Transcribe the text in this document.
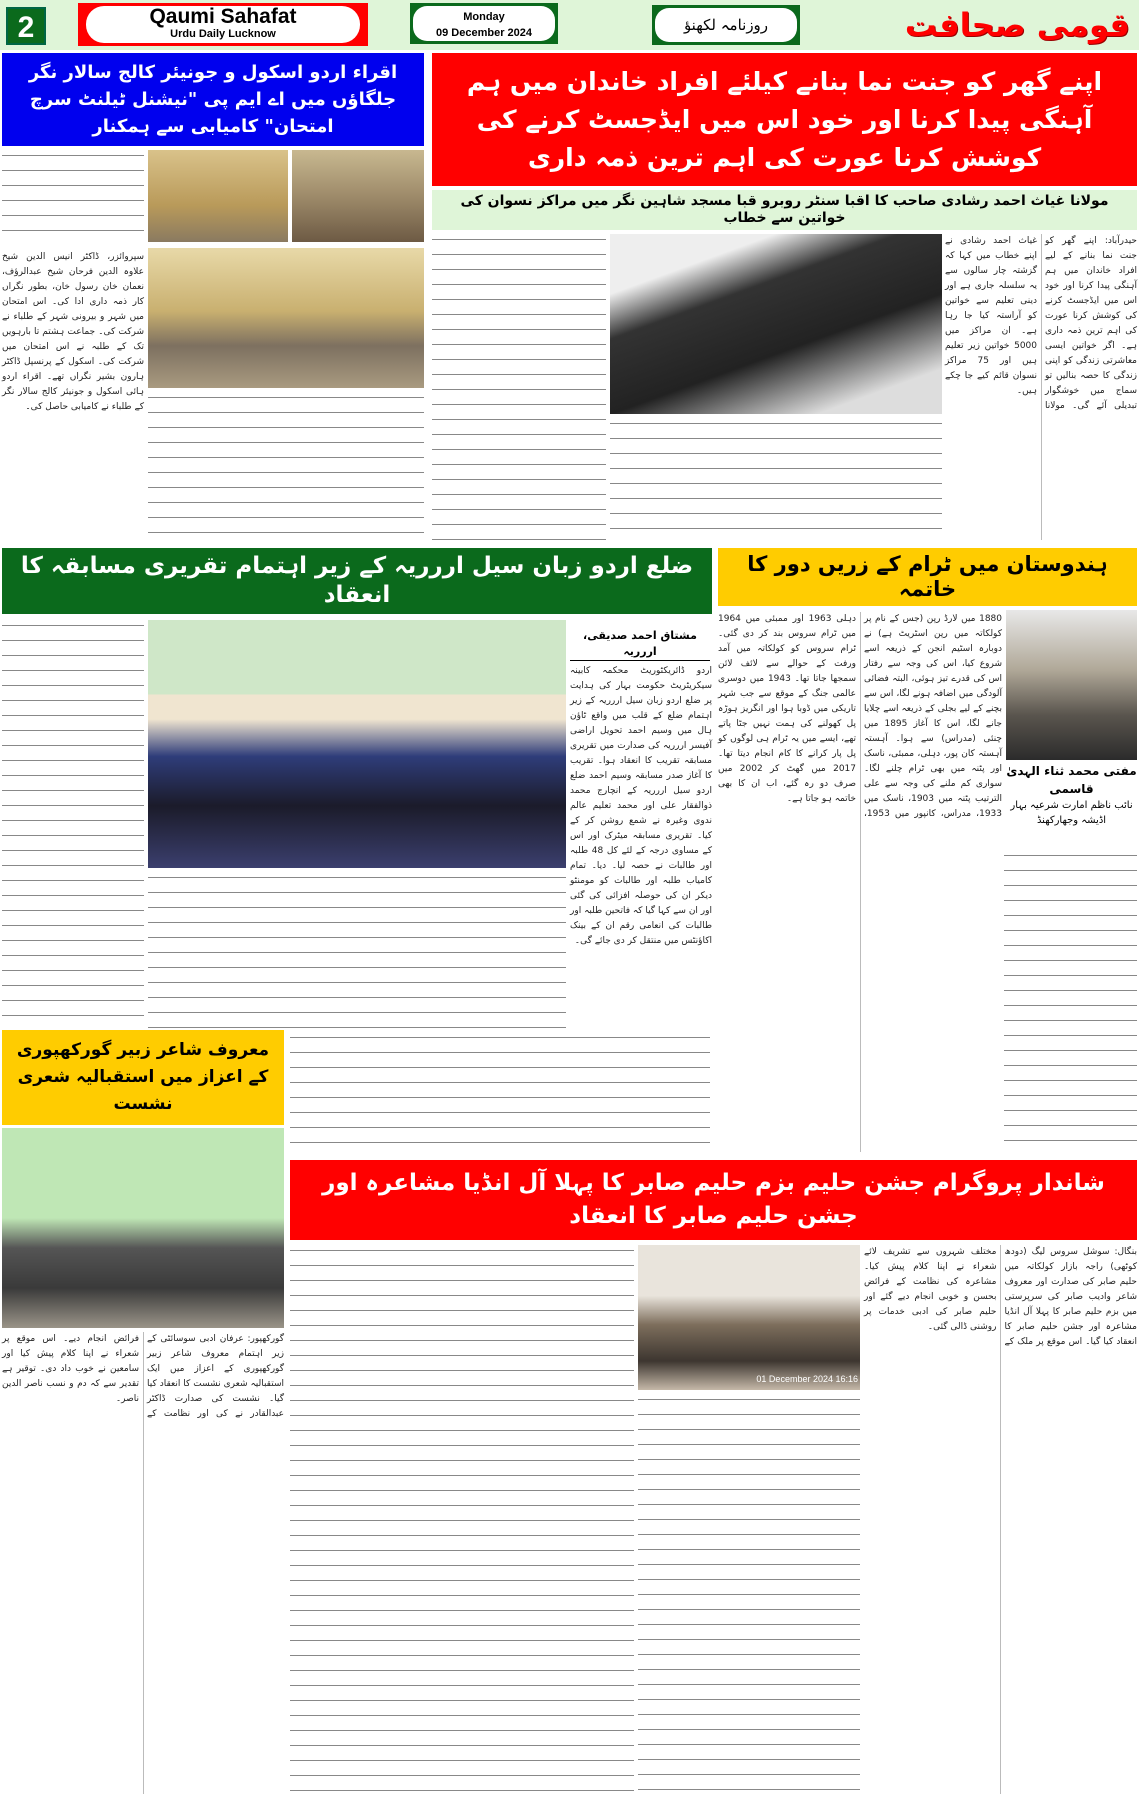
2	Qaumi Sahafat
Urdu Daily Lucknow
Monday
09 December 2024	روزنامہ لکھنؤ	قومی صحافت
اقراء اردو اسکول و جونیئر کالج سالار نگر جلگاؤں میں اے ایم پی "نیشنل ٹیلنٹ سرچ امتحان" کامیابی سے ہمکنار
سپروائزر، ڈاکٹر انیس الدین شیخ علاوہ الدین فرحان شیخ عبدالرؤف، نعمان خان رسول خان، بطور نگراں کار ذمہ داری ادا کی۔ اس امتحان میں شہر و بیرونی شہر کے طلباء نے شرکت کی۔ جماعت ہشتم تا بارہویں تک کے طلبہ نے اس امتحان میں شرکت کی۔ اسکول کے پرنسپل ڈاکٹر ہارون بشیر نگراں تھے۔ اقراء اردو ہائی اسکول و جونیئر کالج سالار نگر کے طلباء نے کامیابی حاصل کی۔
اپنے گھر کو جنت نما بنانے کیلئے افراد خاندان میں ہم آہنگی پیدا کرنا اور خود اس میں ایڈجسٹ کرنے کی کوشش کرنا عورت کی اہم ترین ذمہ داری
مولانا غیاث احمد رشادی صاحب کا اقبا سنٹر روبرو قبا مسجد شاہین نگر میں مراکز نسوان کی خواتین سے خطاب
حیدرآباد: اپنے گھر کو جنت نما بنانے کے لیے افراد خاندان میں ہم آہنگی پیدا کرنا اور خود اس میں ایڈجسٹ کرنے کی کوشش کرنا عورت کی اہم ترین ذمہ داری ہے۔ اگر خواتین ایسی معاشرتی زندگی کو اپنی زندگی کا حصہ بنالیں تو سماج میں خوشگوار تبدیلی آئے گی۔ مولانا غیاث احمد رشادی نے اپنے خطاب میں کہا کہ گزشتہ چار سالوں سے یہ سلسلہ جاری ہے اور دینی تعلیم سے خواتین کو آراستہ کیا جا رہا ہے۔ ان مراکز میں 5000 خواتین زیر تعلیم ہیں اور 75 مراکز نسوان قائم کیے جا چکے ہیں۔
ضلع اردو زبان سیل اررریہ کے زیر اہتمام تقریری مسابقہ کا انعقاد
مشتاق احمد صدیقی، اررریہ
اردو ڈائریکٹوریٹ محکمہ کابینہ سیکریٹریٹ حکومت بہار کی ہدایت پر ضلع اردو زبان سیل اررریہ کے زیر اہتمام ضلع کے قلب میں واقع ٹاؤن ہال میں وسیم احمد تحویل اراضی آفیسر اررریہ کی صدارت میں تقریری مسابقہ تقریب کا انعقاد ہوا۔ تقریب کا آغاز صدر مسابقہ وسیم احمد ضلع اردو سیل اررریہ کے انچارج محمد ذوالفقار علی اور محمد تعلیم عالم ندوی وغیرہ نے شمع روشن کر کے کیا۔ تقریری مسابقہ میٹرک اور اس کے مساوی درجہ کے لئے کل 48 طلبہ اور طالبات نے حصہ لیا۔ دیا۔ تمام کامیاب طلبہ اور طالبات کو مومنٹو دیکر ان کی حوصلہ افزائی کی گئی اور ان سے کہا گیا کہ فاتحین طلبہ اور طالبات کی انعامی رقم ان کے بینک اکاؤنٹس میں منتقل کر دی جائے گی۔
ہندوستان میں ٹرام کے زریں دور کا خاتمہ
مفتی محمد ثناء الہدیٰ قاسمی
نائب ناظم امارت شرعیہ بہار
اڈیشہ وجھارکھنڈ
1880 میں لارڈ رپن (جس کے نام پر کولکاتہ میں رپن اسٹریٹ ہے) نے دوبارہ اسٹیم انجن کے ذریعہ اسے شروع کیا، اس کی وجہ سے رفتار اس کی قدرے تیز ہوئی، البتہ فضائی آلودگی میں اضافہ ہونے لگا، اس سے بچنے کے لیے بجلی کے ذریعہ اسے چلایا جانے لگا، اس کا آغاز 1895 میں چنئی (مدراس) سے ہوا۔ آہستہ آہستہ کان پور، دہلی، ممبئی، ناسک اور پٹنہ میں بھی ٹرام چلنے لگا۔ سواری کم ملنے کی وجہ سے علی الترتیب پٹنہ میں 1903، ناسک میں 1933، مدراس، کانپور میں 1953، دہلی 1963 اور ممبئی میں 1964 میں ٹرام سروس بند کر دی گئی۔ ٹرام سروس کو کولکاتہ میں آمد ورفت کے حوالے سے لائف لائن سمجھا جاتا تھا۔ 1943 میں دوسری عالمی جنگ کے موقع سے جب شہر تاریکی میں ڈوبا ہوا اور انگریز ہوڑہ پل کھولنے کی ہمت نہیں جٹا پاتے تھے، ایسے میں یہ ٹرام ہی لوگوں کو پل پار کرانے کا کام انجام دیتا تھا۔ 2017 میں گھٹ کر 2002 میں صرف دو رہ گئے، اب ان کا بھی خاتمہ ہو جاتا ہے۔
معروف شاعر زبیر گورکھپوری کے اعزاز میں استقبالیہ شعری نشست
گورکھپور: عرفان ادبی سوسائٹی کے زیر اہتمام معروف شاعر زبیر گورکھپوری کے اعزاز میں ایک استقبالیہ شعری نشست کا انعقاد کیا گیا۔ نشست کی صدارت ڈاکٹر عبدالقادر نے کی اور نظامت کے فرائض انجام دیے۔ اس موقع پر شعراء نے اپنا کلام پیش کیا اور سامعین نے خوب داد دی۔ توقیر ہے تقدیر سے کہ دم و نسب ناصر الدین ناصر۔
شاندار پروگرام جشن حلیم بزم حلیم صابر کا پہلا آل انڈیا مشاعرہ اور جشن حلیم صابر کا انعقاد
01 December 2024 16:16
بنگال: سوشل سروس لیگ (دودھ کوٹھی) راجہ بازار کولکاتہ میں حلیم صابر کی صدارت اور معروف شاعر وادیب صابر کی سرپرستی میں بزم حلیم صابر کا پہلا آل انڈیا مشاعرہ اور جشن حلیم صابر کا انعقاد کیا گیا۔ اس موقع پر ملک کے مختلف شہروں سے تشریف لائے شعراء نے اپنا کلام پیش کیا۔ مشاعرہ کی نظامت کے فرائض بحسن و خوبی انجام دیے گئے اور حلیم صابر کی ادبی خدمات پر روشنی ڈالی گئی۔
